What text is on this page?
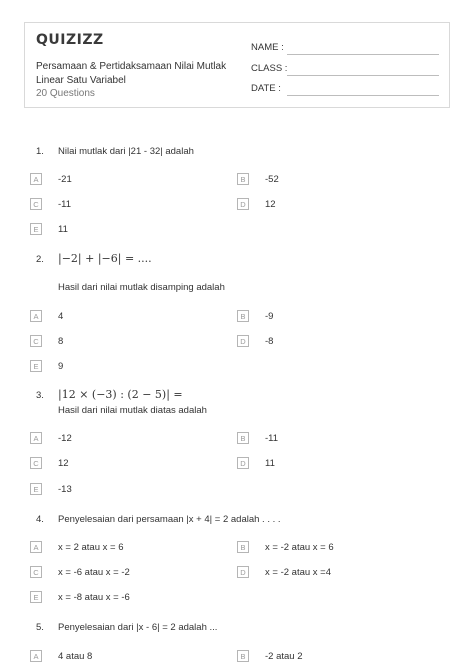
QUIZIZZ
Persamaan & Pertidaksamaan Nilai Mutlak Linear Satu Variabel
20 Questions
NAME :
CLASS :
DATE :
1. Nilai mutlak dari |21 - 32| adalah
A	-21	B	-52
C	-11	D	12
E	11
2. |−2| + |−6| = ....
Hasil dari nilai mutlak disamping adalah
A	4	B	-9
C	8	D	-8
E	9
3. |12 × (−3) : (2 − 5)| =
Hasil dari nilai mutlak diatas adalah
A	-12	B	-11
C	12	D	11
E	-13
4. Penyelesaian dari persamaan |x + 4| = 2 adalah . . . .
A	x = 2 atau x = 6	B	x = -2 atau x = 6
C	x = -6 atau x = -2	D	x = -2 atau x =4
E	x = -8 atau x = -6
5. Penyelesaian dari |x - 6| = 2 adalah ...
A	4 atau 8	B	-2 atau 2
